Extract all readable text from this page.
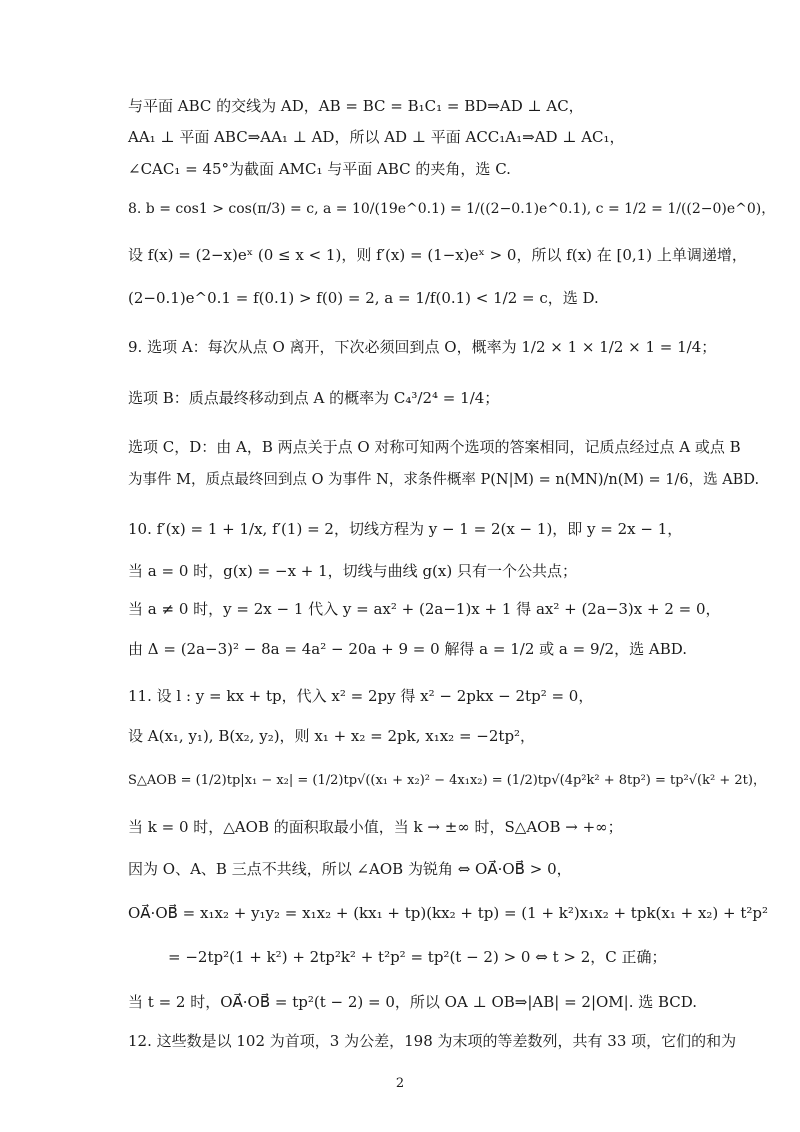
与平面 ABC 的交线为 AD，AB = BC = B₁C₁ = BD⇒AD ⊥ AC，
AA₁ ⊥ 平面 ABC⇒AA₁ ⊥ AD，所以 AD ⊥ 平面 ACC₁A₁⇒AD ⊥ AC₁，
∠CAC₁ = 45°为截面 AMC₁ 与平面 ABC 的夹角，选 C.
8. b = cos1 > cos(π/3) = c, a = 10/(19e^0.1) = 1/((2−0.1)e^0.1), c = 1/2 = 1/((2−0)e^0)，
设 f(x) = (2−x)eˣ (0 ≤ x < 1)，则 f′(x) = (1−x)eˣ > 0，所以 f(x) 在 [0,1) 上单调递增，
(2−0.1)e^0.1 = f(0.1) > f(0) = 2, a = 1/f(0.1) < 1/2 = c，选 D.
9. 选项 A：每次从点 O 离开，下次必须回到点 O，概率为 1/2 × 1 × 1/2 × 1 = 1/4；
选项 B：质点最终移动到点 A 的概率为 C₄³/2⁴ = 1/4；
选项 C，D：由 A，B 两点关于点 O 对称可知两个选项的答案相同，记质点经过点 A 或点 B
为事件 M，质点最终回到点 O 为事件 N，求条件概率 P(N|M) = n(MN)/n(M) = 1/6，选 ABD.
10. f′(x) = 1 + 1/x, f′(1) = 2，切线方程为 y − 1 = 2(x − 1)，即 y = 2x − 1，
当 a = 0 时，g(x) = −x + 1，切线与曲线 g(x) 只有一个公共点；
当 a ≠ 0 时，y = 2x − 1 代入 y = ax² + (2a−1)x + 1 得 ax² + (2a−3)x + 2 = 0，
由 Δ = (2a−3)² − 8a = 4a² − 20a + 9 = 0 解得 a = 1/2 或 a = 9/2，选 ABD.
11. 设 l : y = kx + tp，代入 x² = 2py 得 x² − 2pkx − 2tp² = 0，
设 A(x₁, y₁), B(x₂, y₂)，则 x₁ + x₂ = 2pk, x₁x₂ = −2tp²，
S△AOB = (1/2)tp|x₁ − x₂| = (1/2)tp√((x₁ + x₂)² − 4x₁x₂) = (1/2)tp√(4p²k² + 8tp²) = tp²√(k² + 2t)，
当 k = 0 时，△AOB 的面积取最小值，当 k → ±∞ 时，S△AOB → +∞；
因为 O、A、B 三点不共线，所以 ∠AOB 为锐角 ⇔ OA⃗·OB⃗ > 0，
OA⃗·OB⃗ = x₁x₂ + y₁y₂ = x₁x₂ + (kx₁ + tp)(kx₂ + tp) = (1 + k²)x₁x₂ + tpk(x₁ + x₂) + t²p²
= −2tp²(1 + k²) + 2tp²k² + t²p² = tp²(t − 2) > 0 ⇔ t > 2，C 正确；
当 t = 2 时，OA⃗·OB⃗ = tp²(t − 2) = 0，所以 OA ⊥ OB⇒|AB| = 2|OM|. 选 BCD.
12. 这些数是以 102 为首项，3 为公差，198 为末项的等差数列，共有 33 项，它们的和为
2
